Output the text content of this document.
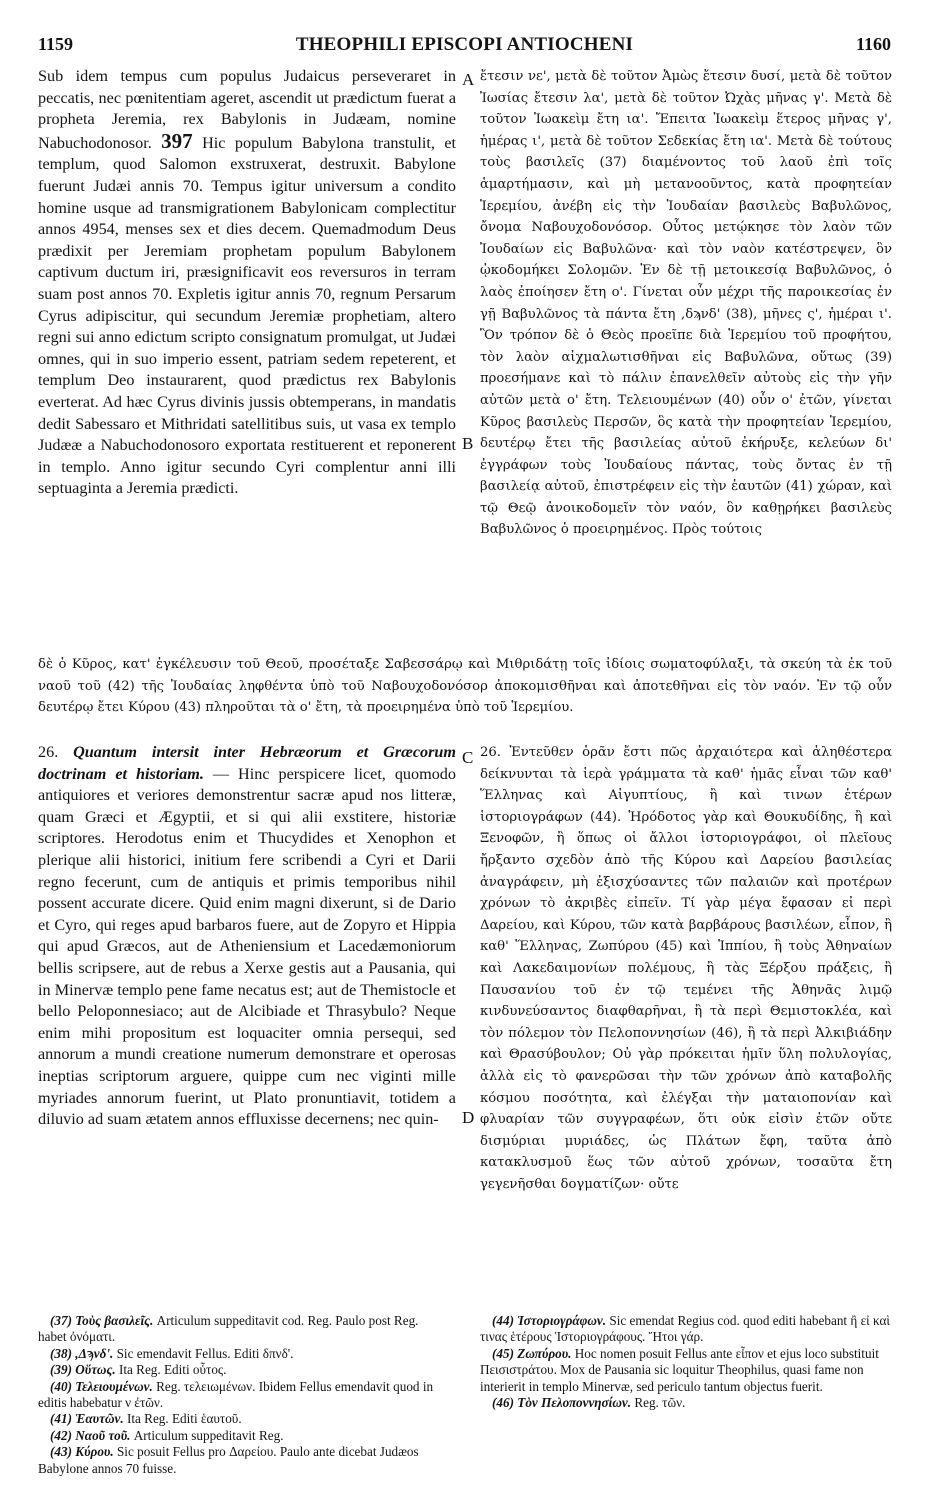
1159	THEOPHILI EPISCOPI ANTIOCHENI	1160

Sub idem tempus cum populus Judaicus perseveraret in peccatis, nec pœnitentiam ageret, ascendit ut prædictum fuerat a propheta Jeremia, rex Babylonis in Judæam, nomine Nabuchodonosor. 397 Hic populum Babylona transtulit, et templum, quod Salomon exstruxerat, destruxit. Babylone fuerunt Judæi annis 70. Tempus igitur universum a condito homine usque ad transmigrationem Babylonicam complectitur annos 4954, menses sex et dies decem. Quemadmodum Deus prædixit per Jeremiam prophetam populum Babylonem captivum ductum iri, præsignificavit eos reversuros in terram suam post annos 70. Expletis igitur annis 70, regnum Persarum Cyrus adipiscitur, qui secundum Jeremiæ prophetiam, altero regni sui anno edictum scripto consignatum promulgat, ut Judæi omnes, qui in suo imperio essent, patriam sedem repeterent, et templum Deo instaurarent, quod prædictus rex Babylonis everterat. Ad hæc Cyrus divinis jussis obtemperans, in mandatis dedit Sabessaro et Mithridati satellitibus suis, ut vasa ex templo Judææ a Nabuchodonosoro exportata restituerent et reponerent in templo. Anno igitur secundo Cyri complentur anni illi septuaginta a Jeremia prædicti.

ἔτεσιν νε', μετὰ δὲ τοῦτον Ἀμὼς ἔτεσιν δυσί, μετὰ δὲ τοῦτον Ἰωσίας ἔτεσιν λα', μετὰ δὲ τοῦτον Ὠχὰς μῆνας γ'. Μετὰ δὲ τοῦτον Ἰωακεὶμ ἔτη ια'. Ἔπειτα Ἰωακεὶμ ἕτερος μῆνας γ', ἡμέρας ι', μετὰ δὲ τοῦτον Σεδεκίας ἔτη ια'. Μετὰ δὲ τούτους τοὺς βασιλεῖς (37) διαμένοντος τοῦ λαοῦ ἐπὶ τοῖς ἁμαρτήμασιν, καὶ μὴ μετανοοῦντος, κατὰ προφητείαν Ἱερεμίου, ἀνέβη εἰς τὴν Ἰουδαίαν βασιλεὺς Βαβυλῶνος, ὄνομα Ναβουχοδονόσορ. Οὗτος μετῴκησε τὸν λαὸν τῶν Ἰουδαίων εἰς Βαβυλῶνα· καὶ τὸν ναὸν κατέστρεψεν, ὃν ᾠκοδομήκει Σολομῶν. Ἐν δὲ τῇ μετοικεσίᾳ Βαβυλῶνος, ὁ λαὸς ἐποίησεν ἔτη ο'. Γίνεται οὖν μέχρι τῆς παροικεσίας ἐν γῇ Βαβυλῶνος τὰ πάντα ἔτη ,δϡνδ' (38), μῆνες ς', ἡμέραι ι'. Ὃν τρόπον δὲ ὁ Θεὸς προεῖπε διὰ Ἱερεμίου τοῦ προφήτου, τὸν λαὸν αἰχμαλωτισθῆναι εἰς Βαβυλῶνα, οὕτως (39) προεσήμανε καὶ τὸ πάλιν ἐπανελθεῖν αὐτοὺς εἰς τὴν γῆν αὐτῶν μετὰ ο' ἔτη. Τελειουμένων (40) οὖν ο' ἐτῶν, γίνεται Κῦρος βασιλεὺς Περσῶν, ὃς κατὰ τὴν προφητείαν Ἱερεμίου, δευτέρῳ ἔτει τῆς βασιλείας αὐτοῦ ἐκήρυξε, κελεύων δι' ἐγγράφων τοὺς Ἰουδαίους πάντας, τοὺς ὄντας ἐν τῇ βασιλείᾳ αὐτοῦ, ἐπιστρέφειν εἰς τὴν ἑαυτῶν (41) χώραν, καὶ τῷ Θεῷ ἀνοικοδομεῖν τὸν ναόν, ὃν καθῃρήκει βασιλεὺς Βαβυλῶνος ὁ προειρημένος. Πρὸς τούτοις

A
B
C
D

δὲ ὁ Κῦρος, κατ' ἐγκέλευσιν τοῦ Θεοῦ, προσέταξε Σαβεσσάρῳ καὶ Μιθριδάτῃ τοῖς ἰδίοις σωματοφύλαξι, τὰ σκεύη τὰ ἐκ τοῦ ναοῦ τοῦ (42) τῆς Ἰουδαίας ληφθέντα ὑπὸ τοῦ Ναβουχοδονόσορ ἀποκομισθῆναι καὶ ἀποτεθῆναι εἰς τὸν ναόν. Ἐν τῷ οὖν δευτέρῳ ἔτει Κύρου (43) πληροῦται τὰ ο' ἔτη, τὰ προειρημένα ὑπὸ τοῦ Ἱερεμίου.

26. Quantum intersit inter Hebræorum et Græcorum doctrinam et historiam. — Hinc perspicere licet, quomodo antiquiores et veriores demonstrentur sacræ apud nos litteræ, quam Græci et Ægyptii, et si qui alii exstitere, historiæ scriptores. Herodotus enim et Thucydides et Xenophon et plerique alii historici, initium fere scribendi a Cyri et Darii regno fecerunt, cum de antiquis et primis temporibus nihil possent accurate dicere. Quid enim magni dixerunt, si de Dario et Cyro, qui reges apud barbaros fuere, aut de Zopyro et Hippia qui apud Græcos, aut de Atheniensium et Lacedæmoniorum bellis scripsere, aut de rebus a Xerxe gestis aut a Pausania, qui in Minervæ templo pene fame necatus est; aut de Themistocle et bello Peloponnesiaco; aut de Alcibiade et Thrasybulo? Neque enim mihi propositum est loquaciter omnia persequi, sed annorum a mundi creatione numerum demonstrare et operosas ineptias scriptorum arguere, quippe cum nec viginti mille myriades annorum fuerint, ut Plato pronuntiavit, totidem a diluvio ad suam ætatem annos effluxisse decernens; nec quin-

26. Ἐντεῦθεν ὁρᾶν ἔστι πῶς ἀρχαιότερα καὶ ἀληθέστερα δείκνυνται τὰ ἱερὰ γράμματα τὰ καθ' ἡμᾶς εἶναι τῶν καθ' Ἕλληνας καὶ Αἰγυπτίους, ἢ καὶ τινων ἑτέρων ἱστοριογράφων (44). Ἡρόδοτος γὰρ καὶ Θουκυδίδης, ἢ καὶ Ξενοφῶν, ἢ ὅπως οἱ ἄλλοι ἱστοριογράφοι, οἱ πλεῖους ἤρξαντο σχεδὸν ἀπὸ τῆς Κύρου καὶ Δαρείου βασιλείας ἀναγράφειν, μὴ ἐξισχύσαντες τῶν παλαιῶν καὶ προτέρων χρόνων τὸ ἀκριβὲς εἰπεῖν. Τί γὰρ μέγα ἔφασαν εἰ περὶ Δαρείου, καὶ Κύρου, τῶν κατὰ βαρβάρους βασιλέων, εἶπον, ἢ καθ' Ἕλληνας, Ζωπύρου (45) καὶ Ἱππίου, ἢ τοὺς Ἀθηναίων καὶ Λακεδαιμονίων πολέμους, ἢ τὰς Ξέρξου πράξεις, ἢ Παυσανίου τοῦ ἐν τῷ τεμένει τῆς Ἀθηνᾶς λιμῷ κινδυνεύσαντος διαφθαρῆναι, ἢ τὰ περὶ Θεμιστοκλέα, καὶ τὸν πόλεμον τὸν Πελοποννησίων (46), ἢ τὰ περὶ Ἀλκιβιάδην καὶ Θρασύβουλον; Οὐ γὰρ πρόκειται ἡμῖν ὕλη πολυλογίας, ἀλλὰ εἰς τὸ φανερῶσαι τὴν τῶν χρόνων ἀπὸ καταβολῆς κόσμου ποσότητα, καὶ ἐλέγξαι τὴν ματαιοπονίαν καὶ φλυαρίαν τῶν συγγραφέων, ὅτι οὐκ εἰσὶν ἐτῶν οὔτε δισμύριαι μυριάδες, ὡς Πλάτων ἔφη, ταῦτα ἀπὸ κατακλυσμοῦ ἕως τῶν αὐτοῦ χρόνων, τοσαῦτα ἔτη γεγενῆσθαι δογματίζων· οὔτε

(37) Τοὺς βασιλεῖς. Articulum suppeditavit cod. Reg. Paulo post Reg. habet ὀνόματι.

(38) ,Δϡνδ'. Sic emendavit Fellus. Editi δπνδ'.

(39) Οὕτως. Ita Reg. Editi οὗτος.

(40) Τελειουμένων. Reg. τελειωμένων. Ibidem Fellus emendavit quod in editis habebatur ν ἐτῶν.

(41) Ἑαυτῶν. Ita Reg. Editi ἑαυτοῦ.

(42) Ναοῦ τοῦ. Articulum suppeditavit Reg.

(43) Κύρου. Sic posuit Fellus pro Δαρείου. Paulo ante dicebat Judæos Babylone annos 70 fuisse.

(44) Ἱστοριογράφων. Sic emendat Regius cod. quod editi habebant ἢ εἰ καὶ τινας ἑτέρους Ἱστοριογράφους. Ἤτοι γάρ.

(45) Ζωπύρου. Hoc nomen posuit Fellus ante εἶπον et ejus loco substituit Πεισιστράτου. Mox de Pausania sic loquitur Theophilus, quasi fame non interierit in templo Minervæ, sed periculo tantum objectus fuerit.

(46) Τὸν Πελοποννησίων. Reg. τῶν.
